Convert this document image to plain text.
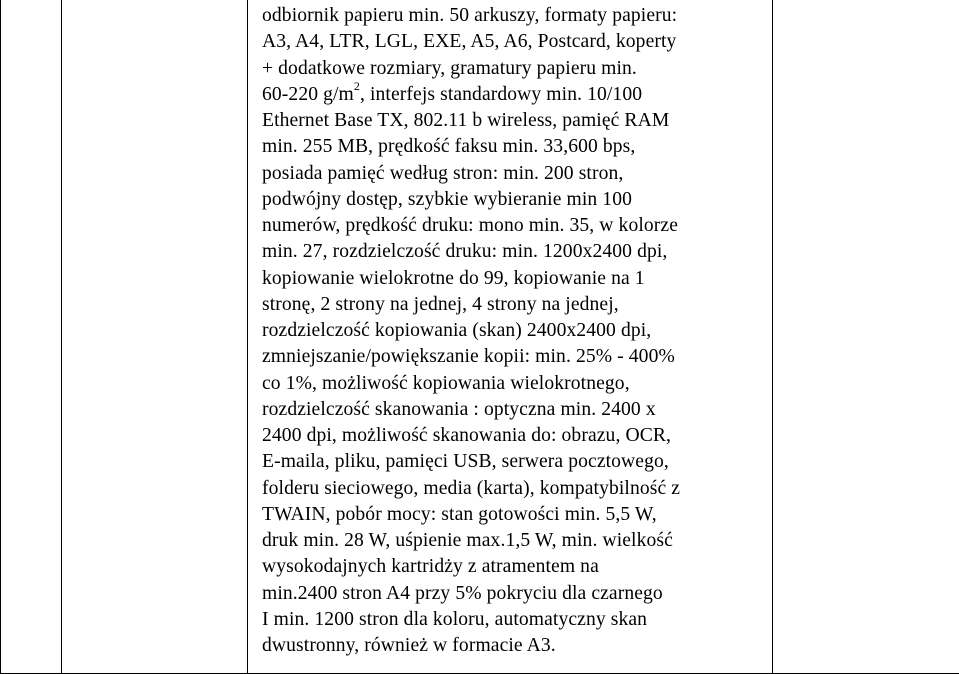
odbiornik papieru min. 50 arkuszy, formaty papieru:
A3, A4, LTR, LGL, EXE, A5, A6, Postcard, koperty
+ dodatkowe rozmiary, gramatury papieru min.
60-220 $g/m^2$, interfejs standardowy min. 10/100
Ethernet Base TX, 802.11 b wireless, pamięć RAM
min. 255 MB, prędkość faksu min. 33,600 bps,
posiada pamięć według stron: min. 200 stron,
podwójny dostęp, szybkie wybieranie min 100
numerów, prędkość druku: mono min. 35, w kolorze
min. 27, rozdzielczość druku: min. 1200x2400 dpi,
kopiowanie wielokrotne do 99, kopiowanie na 1
stronę, 2 strony na jednej, 4 strony na jednej,
rozdzielczość kopiowania (skan) 2400x2400 dpi,
zmniejszanie/powiększanie kopii: min. 25% - 400%
co 1%, możliwość kopiowania wielokrotnego,
rozdzielczość skanowania : optyczna min. 2400 x
2400 dpi, możliwość skanowania do: obrazu, OCR,
E-maila, pliku, pamięci USB, serwera pocztowego,
folderu sieciowego, media (karta), kompatybilność z
TWAIN, pobór mocy: stan gotowości min. 5,5 W,
druk min. 28 W, uśpienie max.1,5 W, min. wielkość
wysokodajnych kartridży z atramentem na
min.2400 stron A4 przy 5% pokryciu dla czarnego
I min. 1200 stron dla koloru, automatyczny skan
dwustronny, również w formacie A3.
